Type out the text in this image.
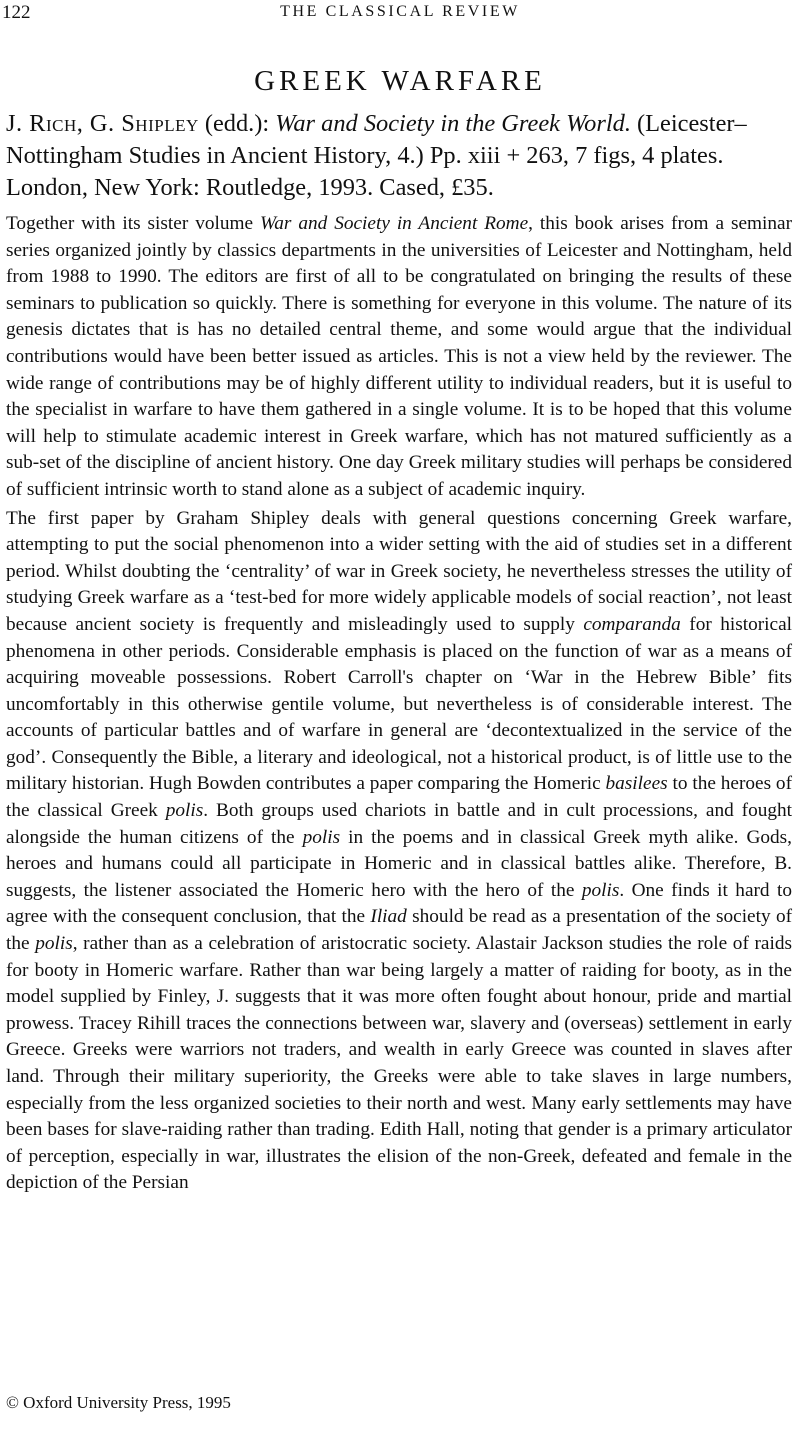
122	THE CLASSICAL REVIEW
GREEK WARFARE
J. Rich, G. Shipley (edd.): War and Society in the Greek World. (Leicester–Nottingham Studies in Ancient History, 4.) Pp. xiii + 263, 7 figs, 4 plates. London, New York: Routledge, 1993. Cased, £35.

Together with its sister volume War and Society in Ancient Rome, this book arises from a seminar series organized jointly by classics departments in the universities of Leicester and Nottingham, held from 1988 to 1990. The editors are first of all to be congratulated on bringing the results of these seminars to publication so quickly. There is something for everyone in this volume. The nature of its genesis dictates that is has no detailed central theme, and some would argue that the individual contributions would have been better issued as articles. This is not a view held by the reviewer. The wide range of contributions may be of highly different utility to individual readers, but it is useful to the specialist in warfare to have them gathered in a single volume. It is to be hoped that this volume will help to stimulate academic interest in Greek warfare, which has not matured sufficiently as a sub-set of the discipline of ancient history. One day Greek military studies will perhaps be considered of sufficient intrinsic worth to stand alone as a subject of academic inquiry.

The first paper by Graham Shipley deals with general questions concerning Greek warfare, attempting to put the social phenomenon into a wider setting with the aid of studies set in a different period. Whilst doubting the ‘centrality’ of war in Greek society, he nevertheless stresses the utility of studying Greek warfare as a ‘test-bed for more widely applicable models of social reaction’, not least because ancient society is frequently and misleadingly used to supply comparanda for historical phenomena in other periods. Considerable emphasis is placed on the function of war as a means of acquiring moveable possessions. Robert Carroll's chapter on ‘War in the Hebrew Bible’ fits uncomfortably in this otherwise gentile volume, but nevertheless is of considerable interest. The accounts of particular battles and of warfare in general are ‘decontextualized in the service of the god’. Consequently the Bible, a literary and ideological, not a historical product, is of little use to the military historian. Hugh Bowden contributes a paper comparing the Homeric basilees to the heroes of the classical Greek polis. Both groups used chariots in battle and in cult processions, and fought alongside the human citizens of the polis in the poems and in classical Greek myth alike. Gods, heroes and humans could all participate in Homeric and in classical battles alike. Therefore, B. suggests, the listener associated the Homeric hero with the hero of the polis. One finds it hard to agree with the consequent conclusion, that the Iliad should be read as a presentation of the society of the polis, rather than as a celebration of aristocratic society. Alastair Jackson studies the role of raids for booty in Homeric warfare. Rather than war being largely a matter of raiding for booty, as in the model supplied by Finley, J. suggests that it was more often fought about honour, pride and martial prowess. Tracey Rihill traces the connections between war, slavery and (overseas) settlement in early Greece. Greeks were warriors not traders, and wealth in early Greece was counted in slaves after land. Through their military superiority, the Greeks were able to take slaves in large numbers, especially from the less organized societies to their north and west. Many early settlements may have been bases for slave-raiding rather than trading. Edith Hall, noting that gender is a primary articulator of perception, especially in war, illustrates the elision of the non-Greek, defeated and female in the depiction of the Persian

© Oxford University Press, 1995
